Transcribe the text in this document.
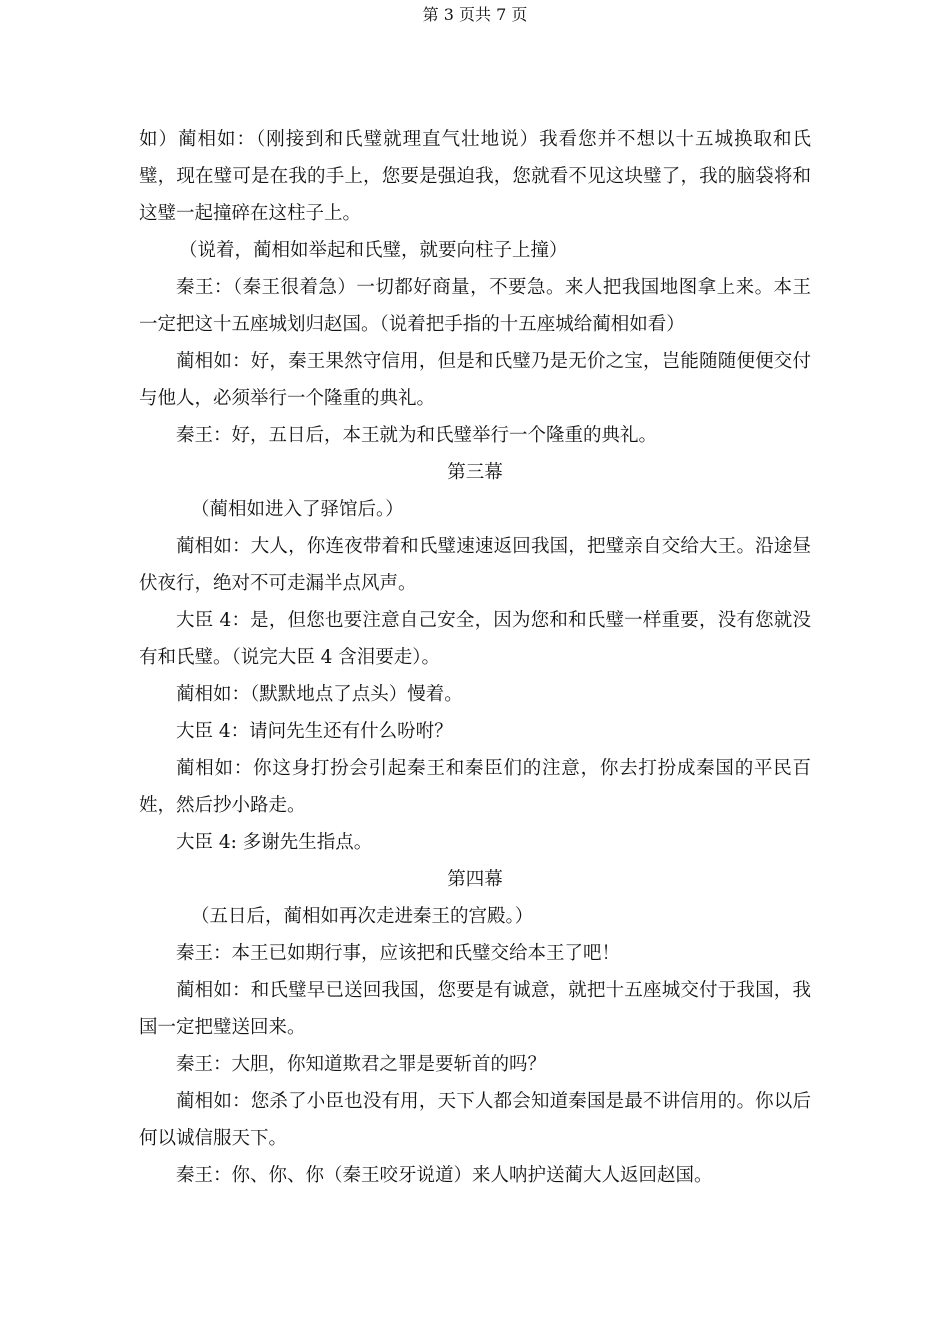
第 3 页共 7 页

如）蔺相如：（刚接到和氏璧就理直气壮地说）我看您并不想以十五城换取和氏璧，现在璧可是在我的手上，您要是强迫我，您就看不见这块璧了，我的脑袋将和这璧一起撞碎在这柱子上。

（说着，蔺相如举起和氏璧，就要向柱子上撞）

秦王：（秦王很着急）一切都好商量，不要急。来人把我国地图拿上来。本王一定把这十五座城划归赵国。（说着把手指的十五座城给蔺相如看）

蔺相如：好，秦王果然守信用，但是和氏璧乃是无价之宝，岂能随随便便交付与他人，必须举行一个隆重的典礼。

秦王：好，五日后，本王就为和氏璧举行一个隆重的典礼。

第三幕

（蔺相如进入了驿馆后。）

蔺相如：大人，你连夜带着和氏璧速速返回我国，把璧亲自交给大王。沿途昼伏夜行，绝对不可走漏半点风声。

大臣 4：是，但您也要注意自己安全，因为您和和氏璧一样重要，没有您就没有和氏璧。（说完大臣 4 含泪要走）。

蔺相如：（默默地点了点头）慢着。

大臣 4：请问先生还有什么吩咐？

蔺相如：你这身打扮会引起秦王和秦臣们的注意，你去打扮成秦国的平民百姓，然后抄小路走。

大臣 4: 多谢先生指点。

第四幕

（五日后，蔺相如再次走进秦王的宫殿。）

秦王：本王已如期行事，应该把和氏璧交给本王了吧！

蔺相如：和氏璧早已送回我国，您要是有诚意，就把十五座城交付于我国，我国一定把璧送回来。

秦王：大胆，你知道欺君之罪是要斩首的吗？

蔺相如：您杀了小臣也没有用，天下人都会知道秦国是最不讲信用的。你以后何以诚信服天下。

秦王：你、你、你（秦王咬牙说道）来人呐护送蔺大人返回赵国。
